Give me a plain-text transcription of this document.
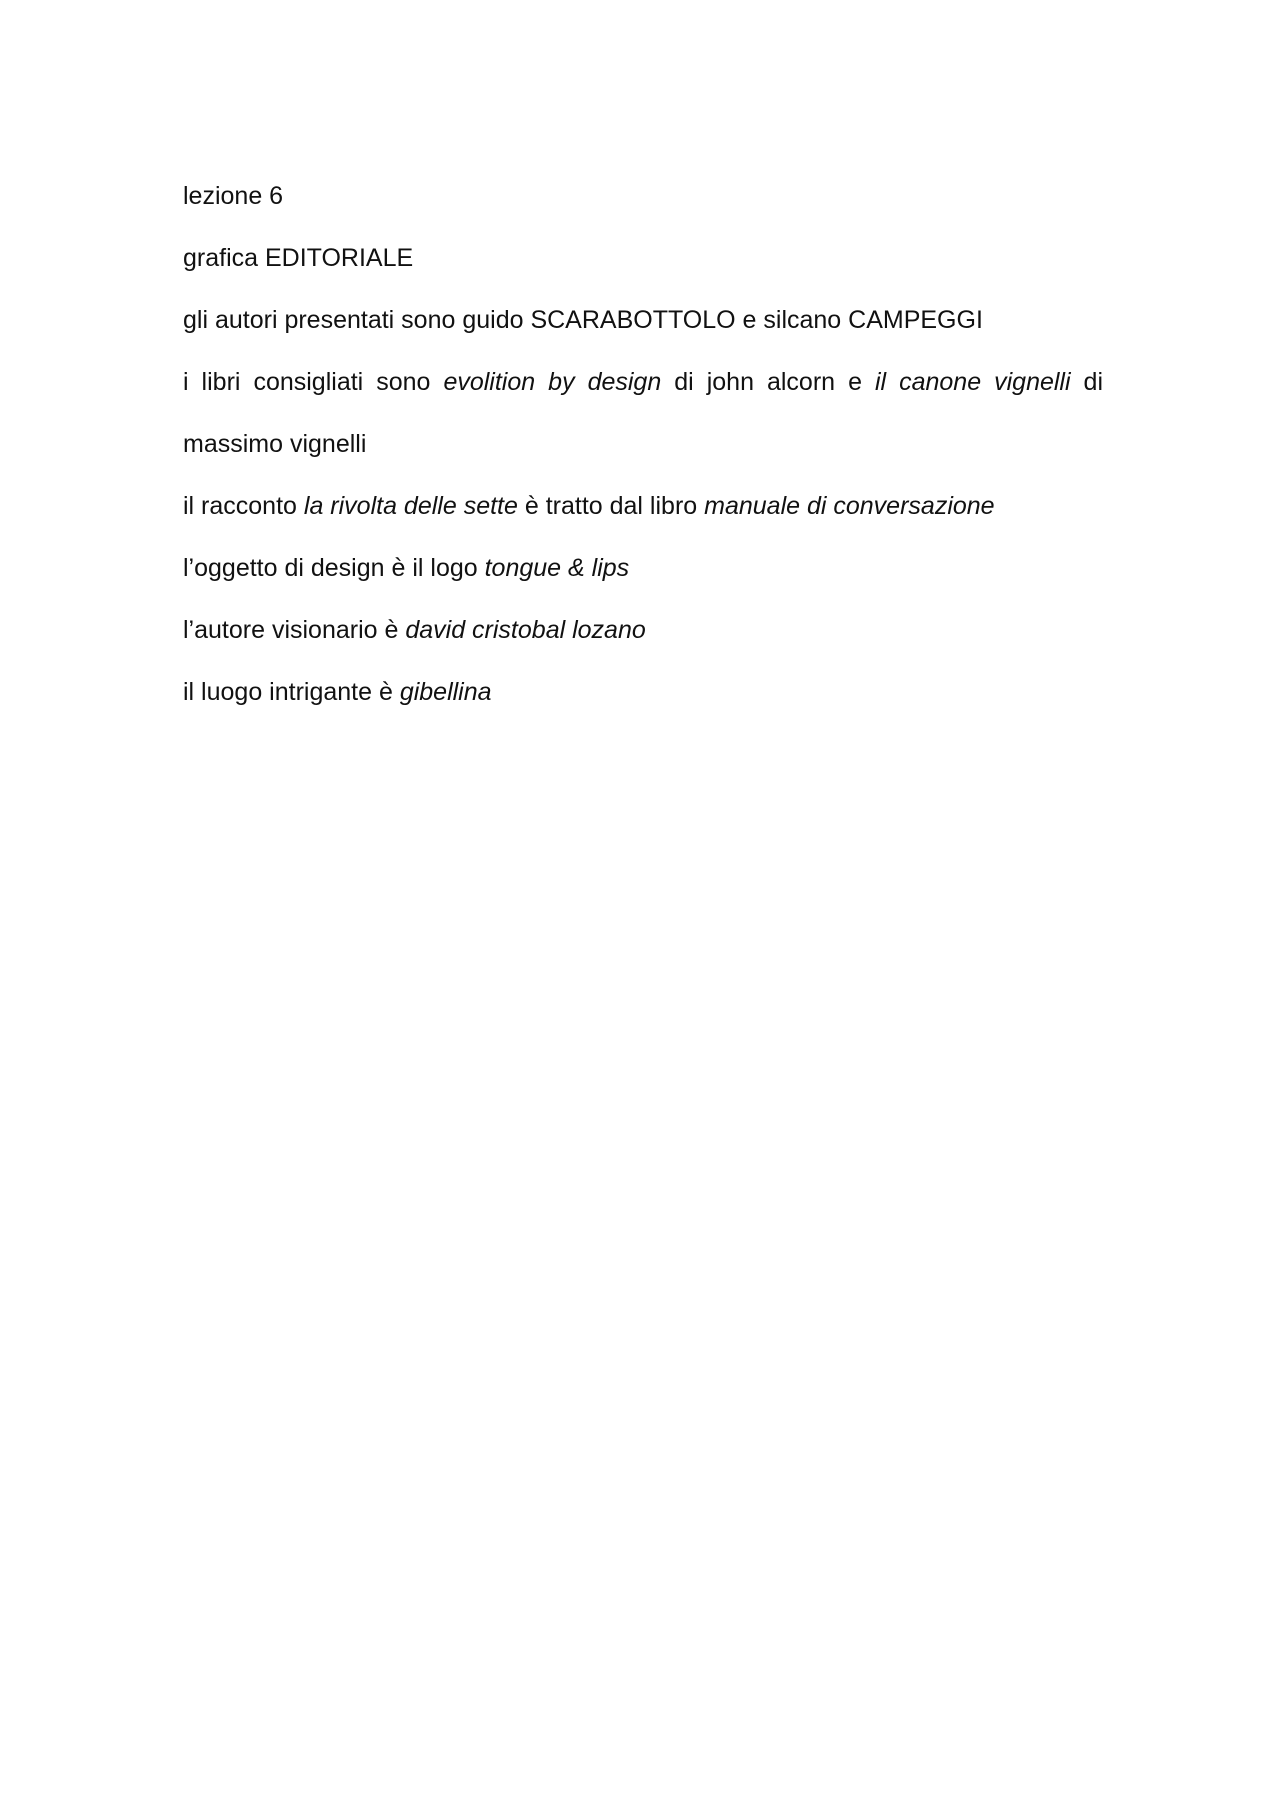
lezione 6

grafica EDITORIALE

gli autori presentati sono guido SCARABOTTOLO e silcano CAMPEGGI

i libri consigliati sono evolition by design di john alcorn e il canone vignelli di

massimo vignelli

il racconto la rivolta delle sette è tratto dal libro manuale di conversazione

l’oggetto di design è il logo tongue & lips

l’autore visionario è david cristobal lozano

il luogo intrigante è gibellina
